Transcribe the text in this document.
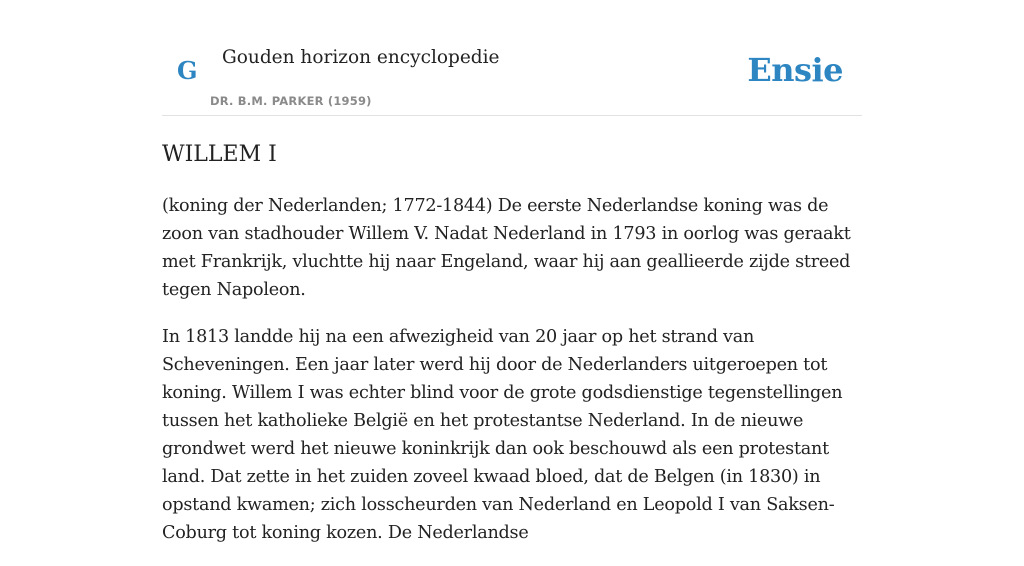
G Gouden horizon encyclopedie
DR. B.M. PARKER (1959)
Ensie
WILLEM I

(koning der Nederlanden; 1772-1844) De eerste Nederlandse koning was de zoon van stadhouder Willem V. Nadat Nederland in 1793 in oorlog was geraakt met Frankrijk, vluchtte hij naar Engeland, waar hij aan geallieerde zijde streed tegen Napoleon.

In 1813 landde hij na een afwezigheid van 20 jaar op het strand van Scheveningen. Een jaar later werd hij door de Nederlanders uitgeroepen tot koning. Willem I was echter blind voor de grote godsdienstige tegenstellingen tussen het katholieke België en het protestantse Nederland. In de nieuwe grondwet werd het nieuwe koninkrijk dan ook beschouwd als een protestant land. Dat zette in het zuiden zoveel kwaad bloed, dat de Belgen (in 1830) in opstand kwamen; zich losscheurden van Nederland en Leopold I van Saksen-Coburg tot koning kozen. De Nederlandse
